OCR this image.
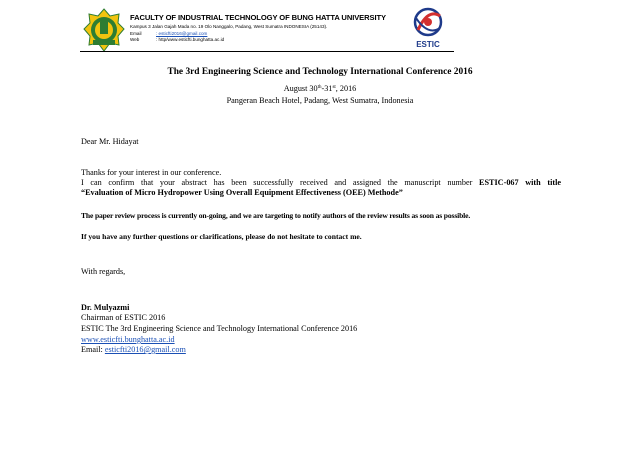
FACULTY OF INDUSTRIAL TECHNOLOGY OF BUNG HATTA UNIVERSITY
Kampus 3 Jalan Gajah Mada no. 19 Olo Nanggalo, Padang, West Sumatra INDONESIA (25143).
Email	: esticfti2016@gmail.com
Web	: http/www.esticfti.bunghatta.ac.id
ESTIC
The 3rd Engineering Science and Technology International Conference 2016
August 30th-31st, 2016
Pangeran Beach Hotel, Padang, West Sumatra, Indonesia
Dear Mr. Hidayat
Thanks for your interest in our conference.
I can confirm that your abstract has been successfully received and assigned the manuscript number ESTIC-067 with title
“Evaluation of Micro Hydropower Using Overall Equipment Effectiveness (OEE) Methode”
The paper review process is currently on-going, and we are targeting to notify authors of the review results as soon as possible.
If you have any further questions or clarifications, please do not hesitate to contact me.
With regards,
Dr. Mulyazmi
Chairman of ESTIC 2016
ESTIC The 3rd Engineering Science and Technology International Conference 2016
www.esticfti.bunghatta.ac.id
Email: esticfti2016@gmail.com
